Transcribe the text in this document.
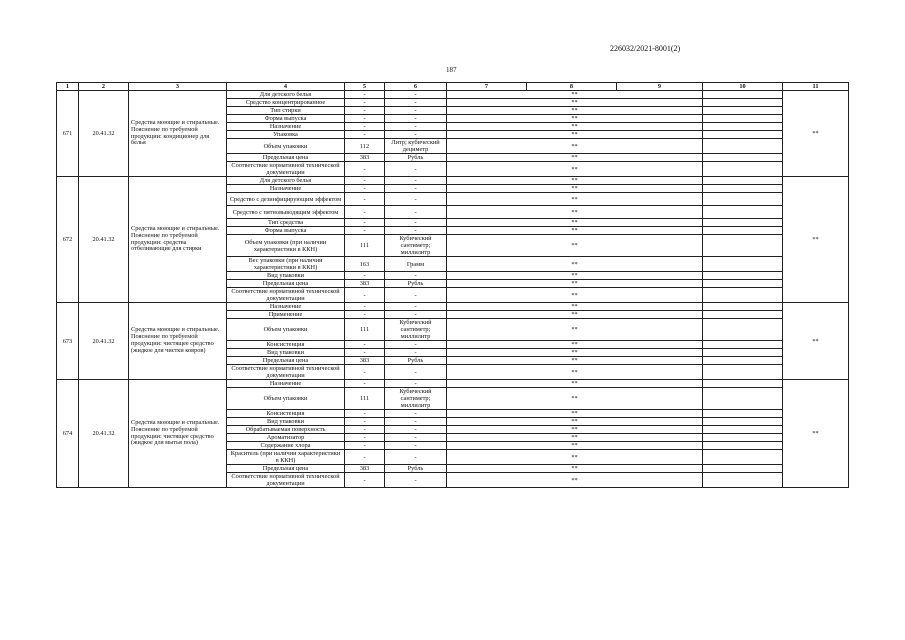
226032/2021-8001(2)
187
1	2	3	4	5	6	7	8	9	10	11
671	20.41.32	Средства моющие и стиральные. Пояснение по требуемой продукции: кондиционер для белья	Для детского белья	-	-	**				**
			Средство концентрированное	-	-	**				
			Тип стирки	-	-	**				
			Форма выпуска	-	-	**				
			Назначение	-	-	**				
			Упаковка	-	-	**				
			Объем упаковки	112	Литр; кубический дециметр	**				
			Предельная цена	383	Рубль	**				
			Соответствие нормативной технической документации	-	-	**				
672	20.41.32	Средства моющие и стиральные. Пояснение по требуемой продукции: средства отбеливающие для стирки	Для детского белья	-	-	**				**
			Назначение	-	-	**				
			Средство с дезинфицирующим эффектом	-	-	**				
			Средство с пятновыводящим эффектом	-	-	**				
			Тип средства	-	-	**				
			Форма выпуска	-	-	**				
			Объем упаковки (при наличии характеристики в ККН)	111	Кубический сантиметр; миллилитр	**				
			Вес упаковки (при наличии характеристики в ККН)	163	Грамм	**				
			Вид упаковки	-	-	**				
			Предельная цена	383	Рубль	**				
			Соответствие нормативной технической документации	-	-	**				
673	20.41.32	Средства моющие и стиральные. Пояснение по требуемой продукции: чистящее средство (жидкое для чистки ковров)	Назначение	-	-	**				**
			Применение	-	-	**				
			Объем упаковки	111	Кубический сантиметр; миллилитр	**				
			Консистенция	-	-	**				
			Вид упаковки	-	-	**				
			Предельная цена	383	Рубль	**				
			Соответствие нормативной технической документации	-	-	**				
674	20.41.32	Средства моющие и стиральные. Пояснение по требуемой продукции: чистящее средство (жидкое для мытья пола)	Назначение	-	-	**				**
			Объем упаковки	111	Кубический сантиметр; миллилитр	**				
			Консистенция	-	-	**				
			Вид упаковки	-	-	**				
			Обрабатываемая поверхность	-	-	**				
			Ароматизатор	-	-	**				
			Содержание хлора	-	-	**				
			Краситель (при наличии характеристики в ККН)	-	-	**				
			Предельная цена	383	Рубль	**				
			Соответствие нормативной технической документации	-	-	**				
